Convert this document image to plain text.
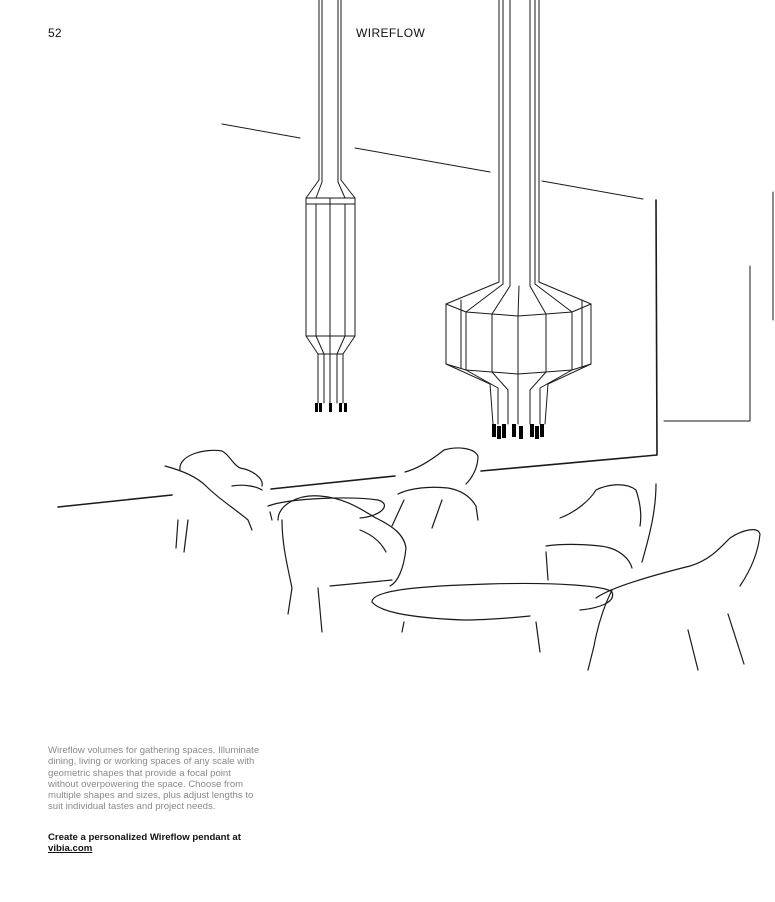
52	WIREFLOW

Wireflow volumes for gathering spaces. Illuminate dining, living or working spaces of any scale with geometric shapes that provide a focal point without overpowering the space. Choose from multiple shapes and sizes, plus adjust lengths to suit individual tastes and project needs.

Create a personalized Wireflow pendant at
vibia.com
